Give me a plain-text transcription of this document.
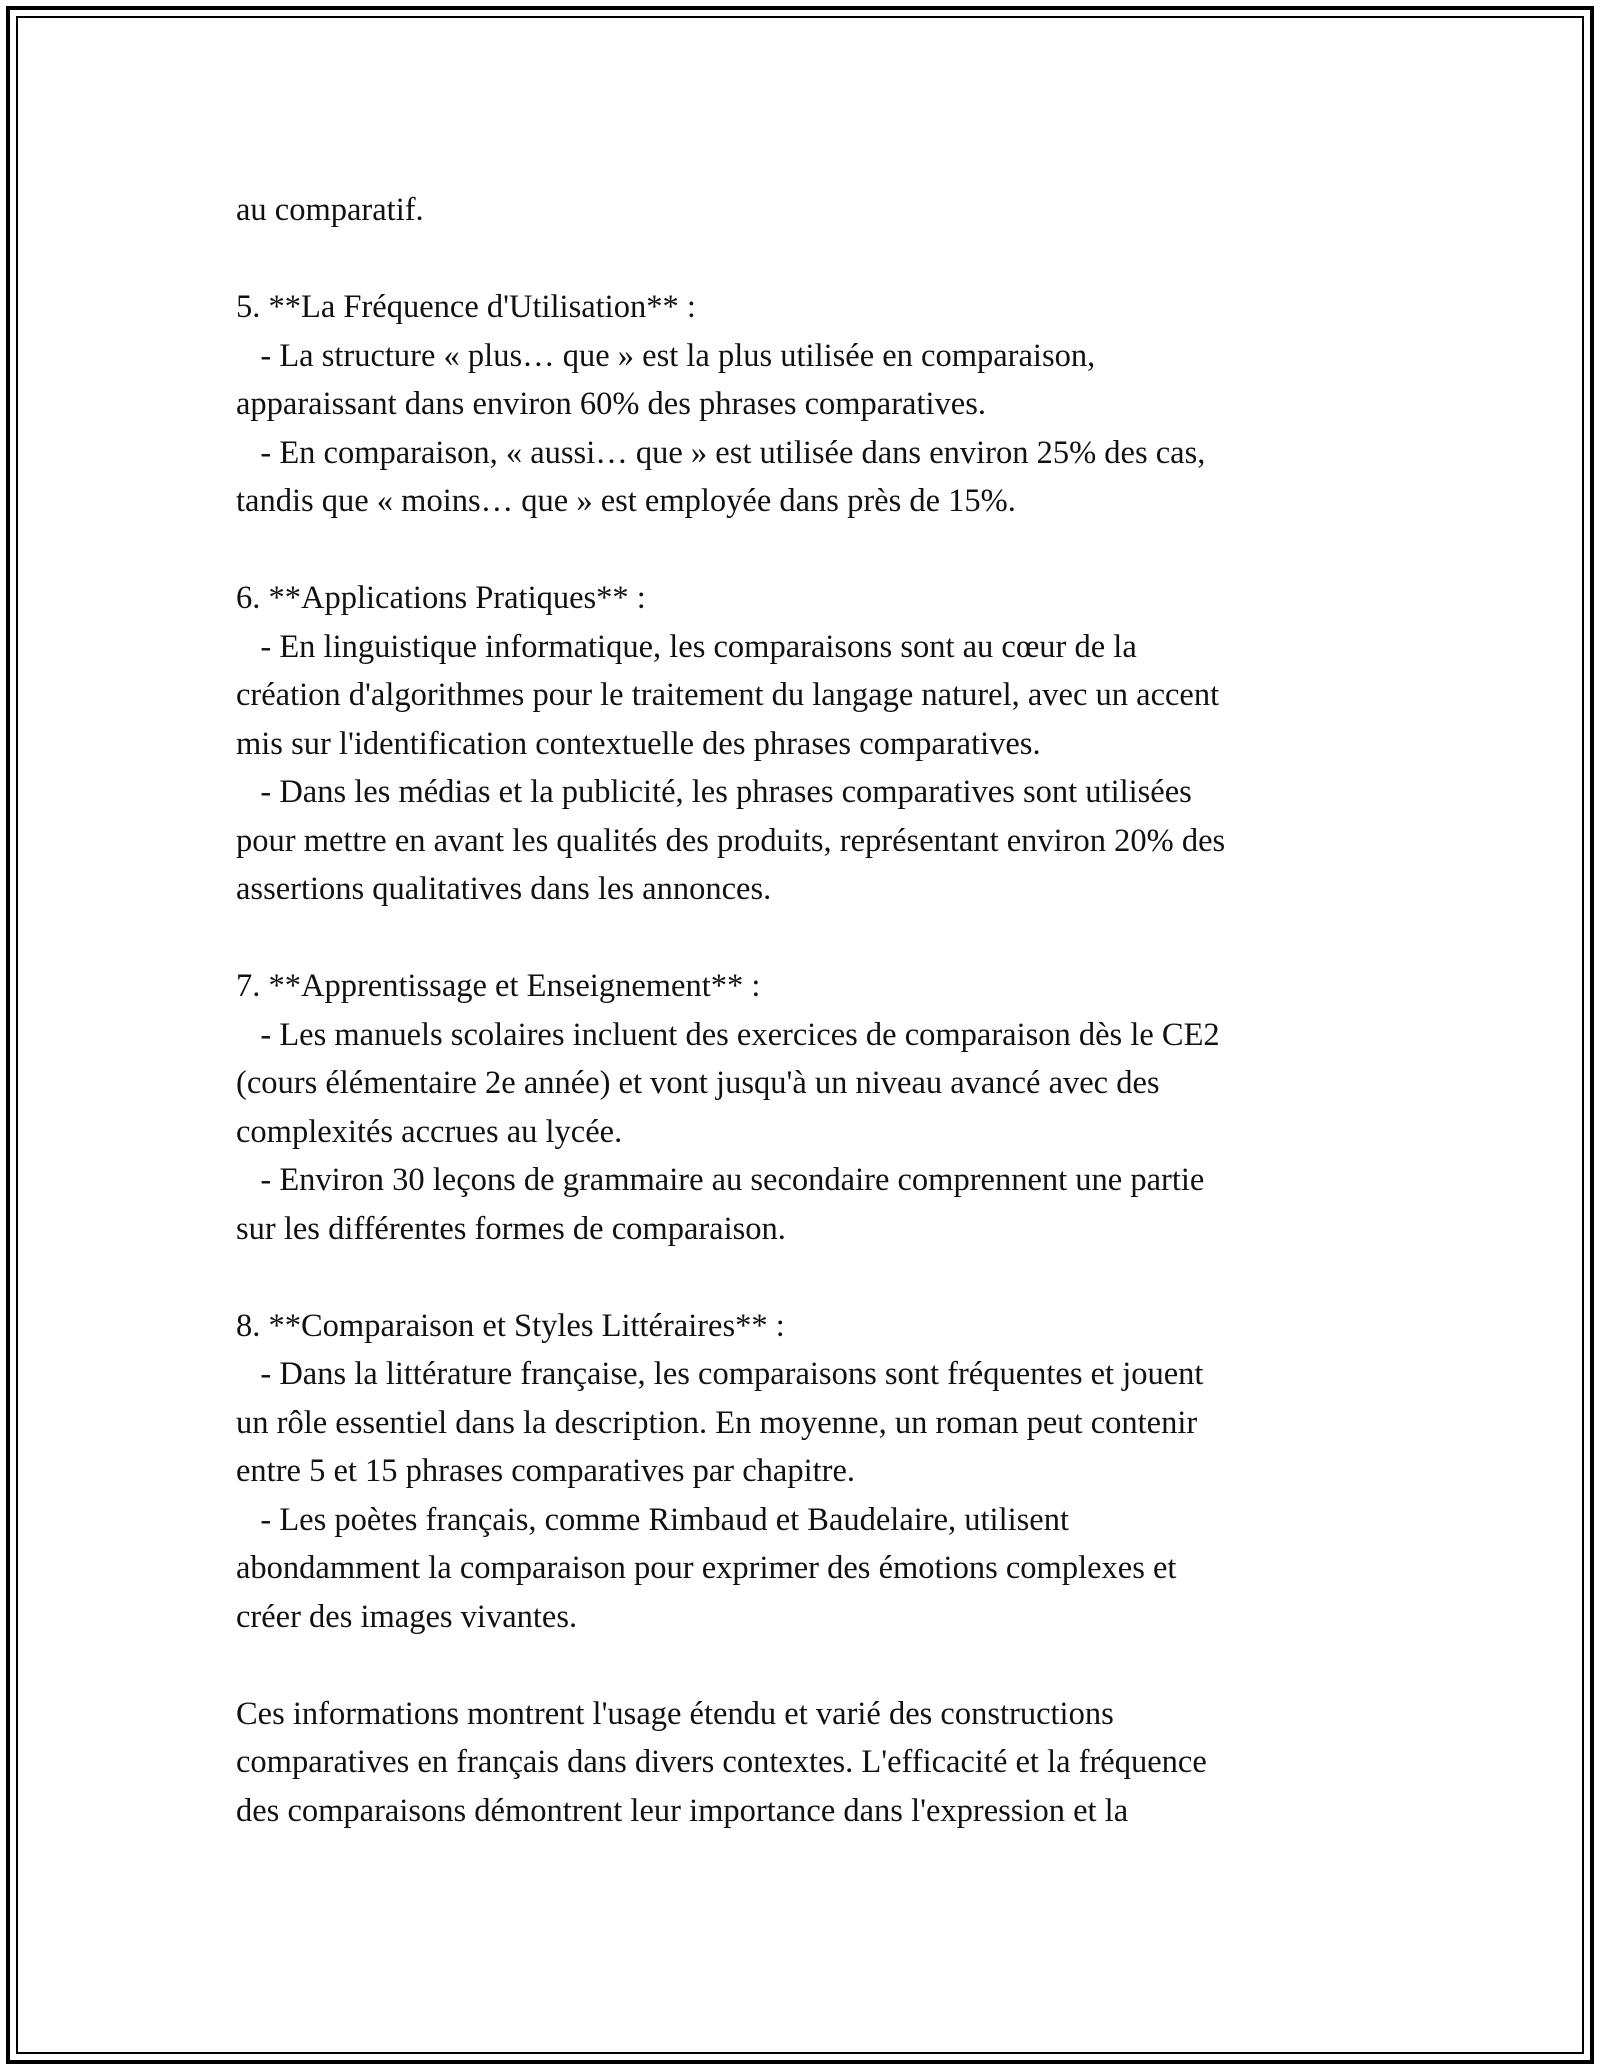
au comparatif.
5. **La Fréquence d'Utilisation** :
- La structure « plus… que » est la plus utilisée en comparaison,
apparaissant dans environ 60% des phrases comparatives.
- En comparaison, « aussi… que » est utilisée dans environ 25% des cas,
tandis que « moins… que » est employée dans près de 15%.
6. **Applications Pratiques** :
- En linguistique informatique, les comparaisons sont au cœur de la
création d'algorithmes pour le traitement du langage naturel, avec un accent
mis sur l'identification contextuelle des phrases comparatives.
- Dans les médias et la publicité, les phrases comparatives sont utilisées
pour mettre en avant les qualités des produits, représentant environ 20% des
assertions qualitatives dans les annonces.
7. **Apprentissage et Enseignement** :
- Les manuels scolaires incluent des exercices de comparaison dès le CE2
(cours élémentaire 2e année) et vont jusqu'à un niveau avancé avec des
complexités accrues au lycée.
- Environ 30 leçons de grammaire au secondaire comprennent une partie
sur les différentes formes de comparaison.
8. **Comparaison et Styles Littéraires** :
- Dans la littérature française, les comparaisons sont fréquentes et jouent
un rôle essentiel dans la description. En moyenne, un roman peut contenir
entre 5 et 15 phrases comparatives par chapitre.
- Les poètes français, comme Rimbaud et Baudelaire, utilisent
abondamment la comparaison pour exprimer des émotions complexes et
créer des images vivantes.
Ces informations montrent l'usage étendu et varié des constructions
comparatives en français dans divers contextes. L'efficacité et la fréquence
des comparaisons démontrent leur importance dans l'expression et la
